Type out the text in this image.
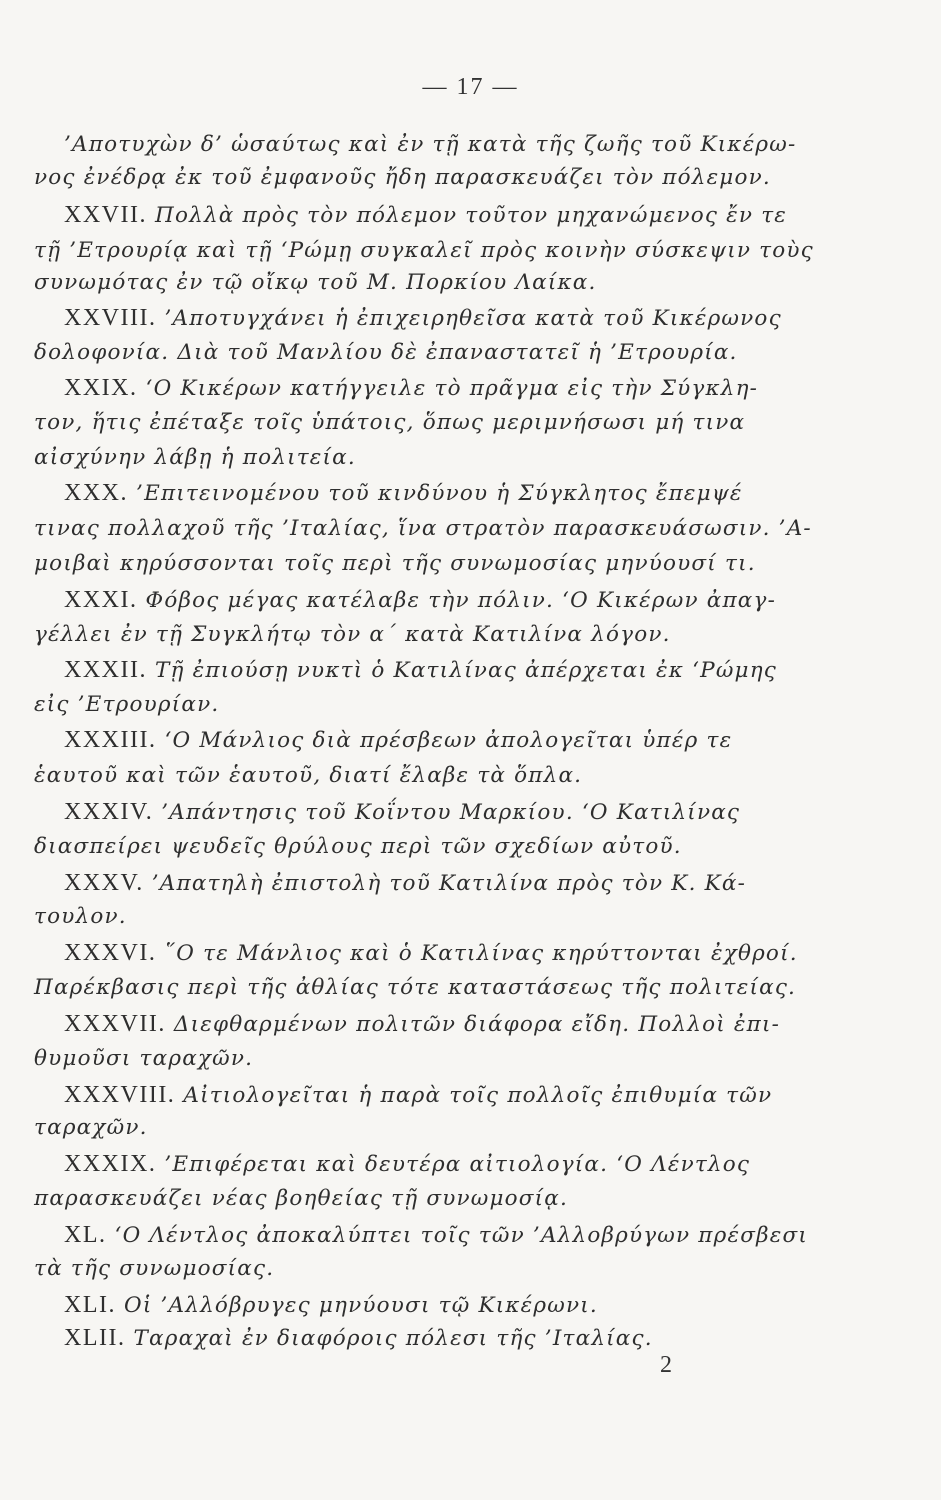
— 17 —
’Αποτυχὼν δ’ ὡσαύτως καὶ ἐν τῇ κατὰ τῆς ζωῆς τοῦ Κικέρω-
νος ἐνέδρᾳ ἐκ τοῦ ἐμφανοῦς ἤδη παρασκευάζει τὸν πόλεμον.
XXVII. Πολλὰ πρὸς τὸν πόλεμον τοῦτον μηχανώμενος ἔν τε
τῇ ’Ετρουρίᾳ καὶ τῇ ‘Ρώμῃ συγκαλεῖ πρὸς κοινὴν σύσκεψιν τοὺς
συνωμότας ἐν τῷ οἴκῳ τοῦ Μ. Πορκίου Λαίκα.
XXVIII. ’Αποτυγχάνει ἡ ἐπιχειρηθεῖσα κατὰ τοῦ Κικέρωνος
δολοφονία. Διὰ τοῦ Μανλίου δὲ ἐπαναστατεῖ ἡ ’Ετρουρία.
XXIX. ‘Ο Κικέρων κατήγγειλε τὸ πρᾶγμα εἰς τὴν Σύγκλη-
τον, ἥτις ἐπέταξε τοῖς ὑπάτοις, ὅπως μεριμνήσωσι μή τινα
αἰσχύνην λάβῃ ἡ πολιτεία.
XXX. ’Επιτεινομένου τοῦ κινδύνου ἡ Σύγκλητος ἔπεμψέ
τινας πολλαχοῦ τῆς ’Ιταλίας, ἵνα στρατὸν παρασκευάσωσιν. ’Α-
μοιβαὶ κηρύσσονται τοῖς περὶ τῆς συνωμοσίας μηνύουσί τι.
XXXI. Φόβος μέγας κατέλαβε τὴν πόλιν. ‘Ο Κικέρων ἀπαγ-
γέλλει ἐν τῇ Συγκλήτῳ τὸν α΄ κατὰ Κατιλίνα λόγον.
XXXII. Τῇ ἐπιούσῃ νυκτὶ ὁ Κατιλίνας ἀπέρχεται ἐκ ‘Ρώμης
εἰς ’Ετρουρίαν.
XXXIII. ‘Ο Μάνλιος διὰ πρέσβεων ἀπολογεῖται ὑπέρ τε
ἑαυτοῦ καὶ τῶν ἑαυτοῦ, διατί ἔλαβε τὰ ὅπλα.
XXXIV. ’Απάντησις τοῦ Κοΐντου Μαρκίου. ‘Ο Κατιλίνας
διασπείρει ψευδεῖς θρύλους περὶ τῶν σχεδίων αὐτοῦ.
XXXV. ’Απατηλὴ ἐπιστολὴ τοῦ Κατιλίνα πρὸς τὸν Κ. Κά-
τουλον.
XXXVI. ῞Ο τε Μάνλιος καὶ ὁ Κατιλίνας κηρύττονται ἐχθροί.
Παρέκβασις περὶ τῆς ἀθλίας τότε καταστάσεως τῆς πολιτείας.
XXXVII. Διεφθαρμένων πολιτῶν διάφορα εἴδη. Πολλοὶ ἐπι-
θυμοῦσι ταραχῶν.
XXXVIII. Αἰτιολογεῖται ἡ παρὰ τοῖς πολλοῖς ἐπιθυμία τῶν
ταραχῶν.
XXXIX. ’Επιφέρεται καὶ δευτέρα αἰτιολογία. ‘Ο Λέντλος
παρασκευάζει νέας βοηθείας τῇ συνωμοσίᾳ.
XL. ‘Ο Λέντλος ἀποκαλύπτει τοῖς τῶν ’Αλλοβρύγων πρέσβεσι
τὰ τῆς συνωμοσίας.
XLI. Οἱ ’Αλλόβρυγες μηνύουσι τῷ Κικέρωνι.
XLII. Ταραχαὶ ἐν διαφόροις πόλεσι τῆς ’Ιταλίας.
2
